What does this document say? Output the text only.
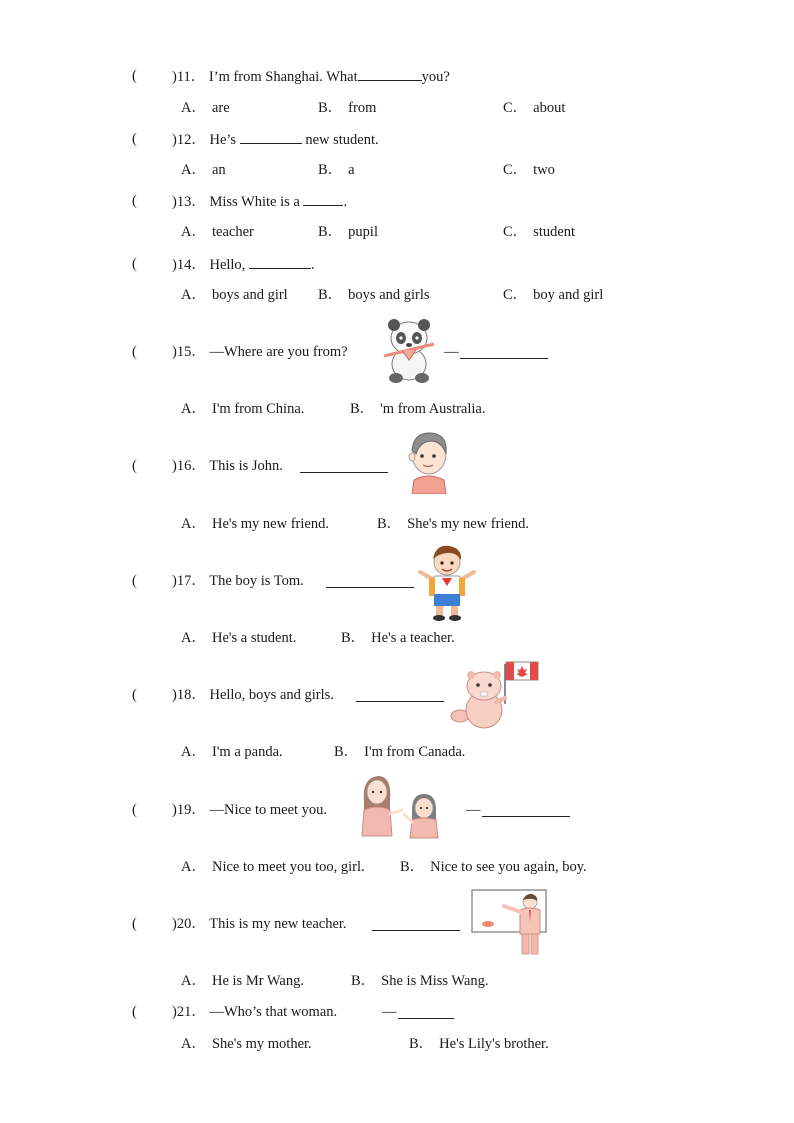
( )11． I’m from Shanghai. What	you?
A． are	B． from	C． about
( )12． He’s	new student.
A． an	B． a	C． two
( )13． Miss White is a	.
A． teacher	B． pupil	C． student
( )14． Hello,	.
A． boys and girl B． boys and girls	C． boy and girl
( )15． —Where are you from?	—
A． I'm from China.	B． 'm from Australia.
( )16． This is John.
A． He's my new friend.	B． She's my new friend.
( )17． The boy is Tom.
A． He's a student.	B． He's a teacher.
( )18． Hello, boys and girls.
A． I'm a panda.	B． I'm from Canada.
( )19． —Nice to meet you.	—
A． Nice to meet you too, girl. B． Nice to see you again, boy.
( )20． This is my new teacher.
A． He is Mr Wang.	B． She is Miss Wang.
( )21． —Who’s that woman.	—
A． She's my mother.	B． He's Lily's brother.
